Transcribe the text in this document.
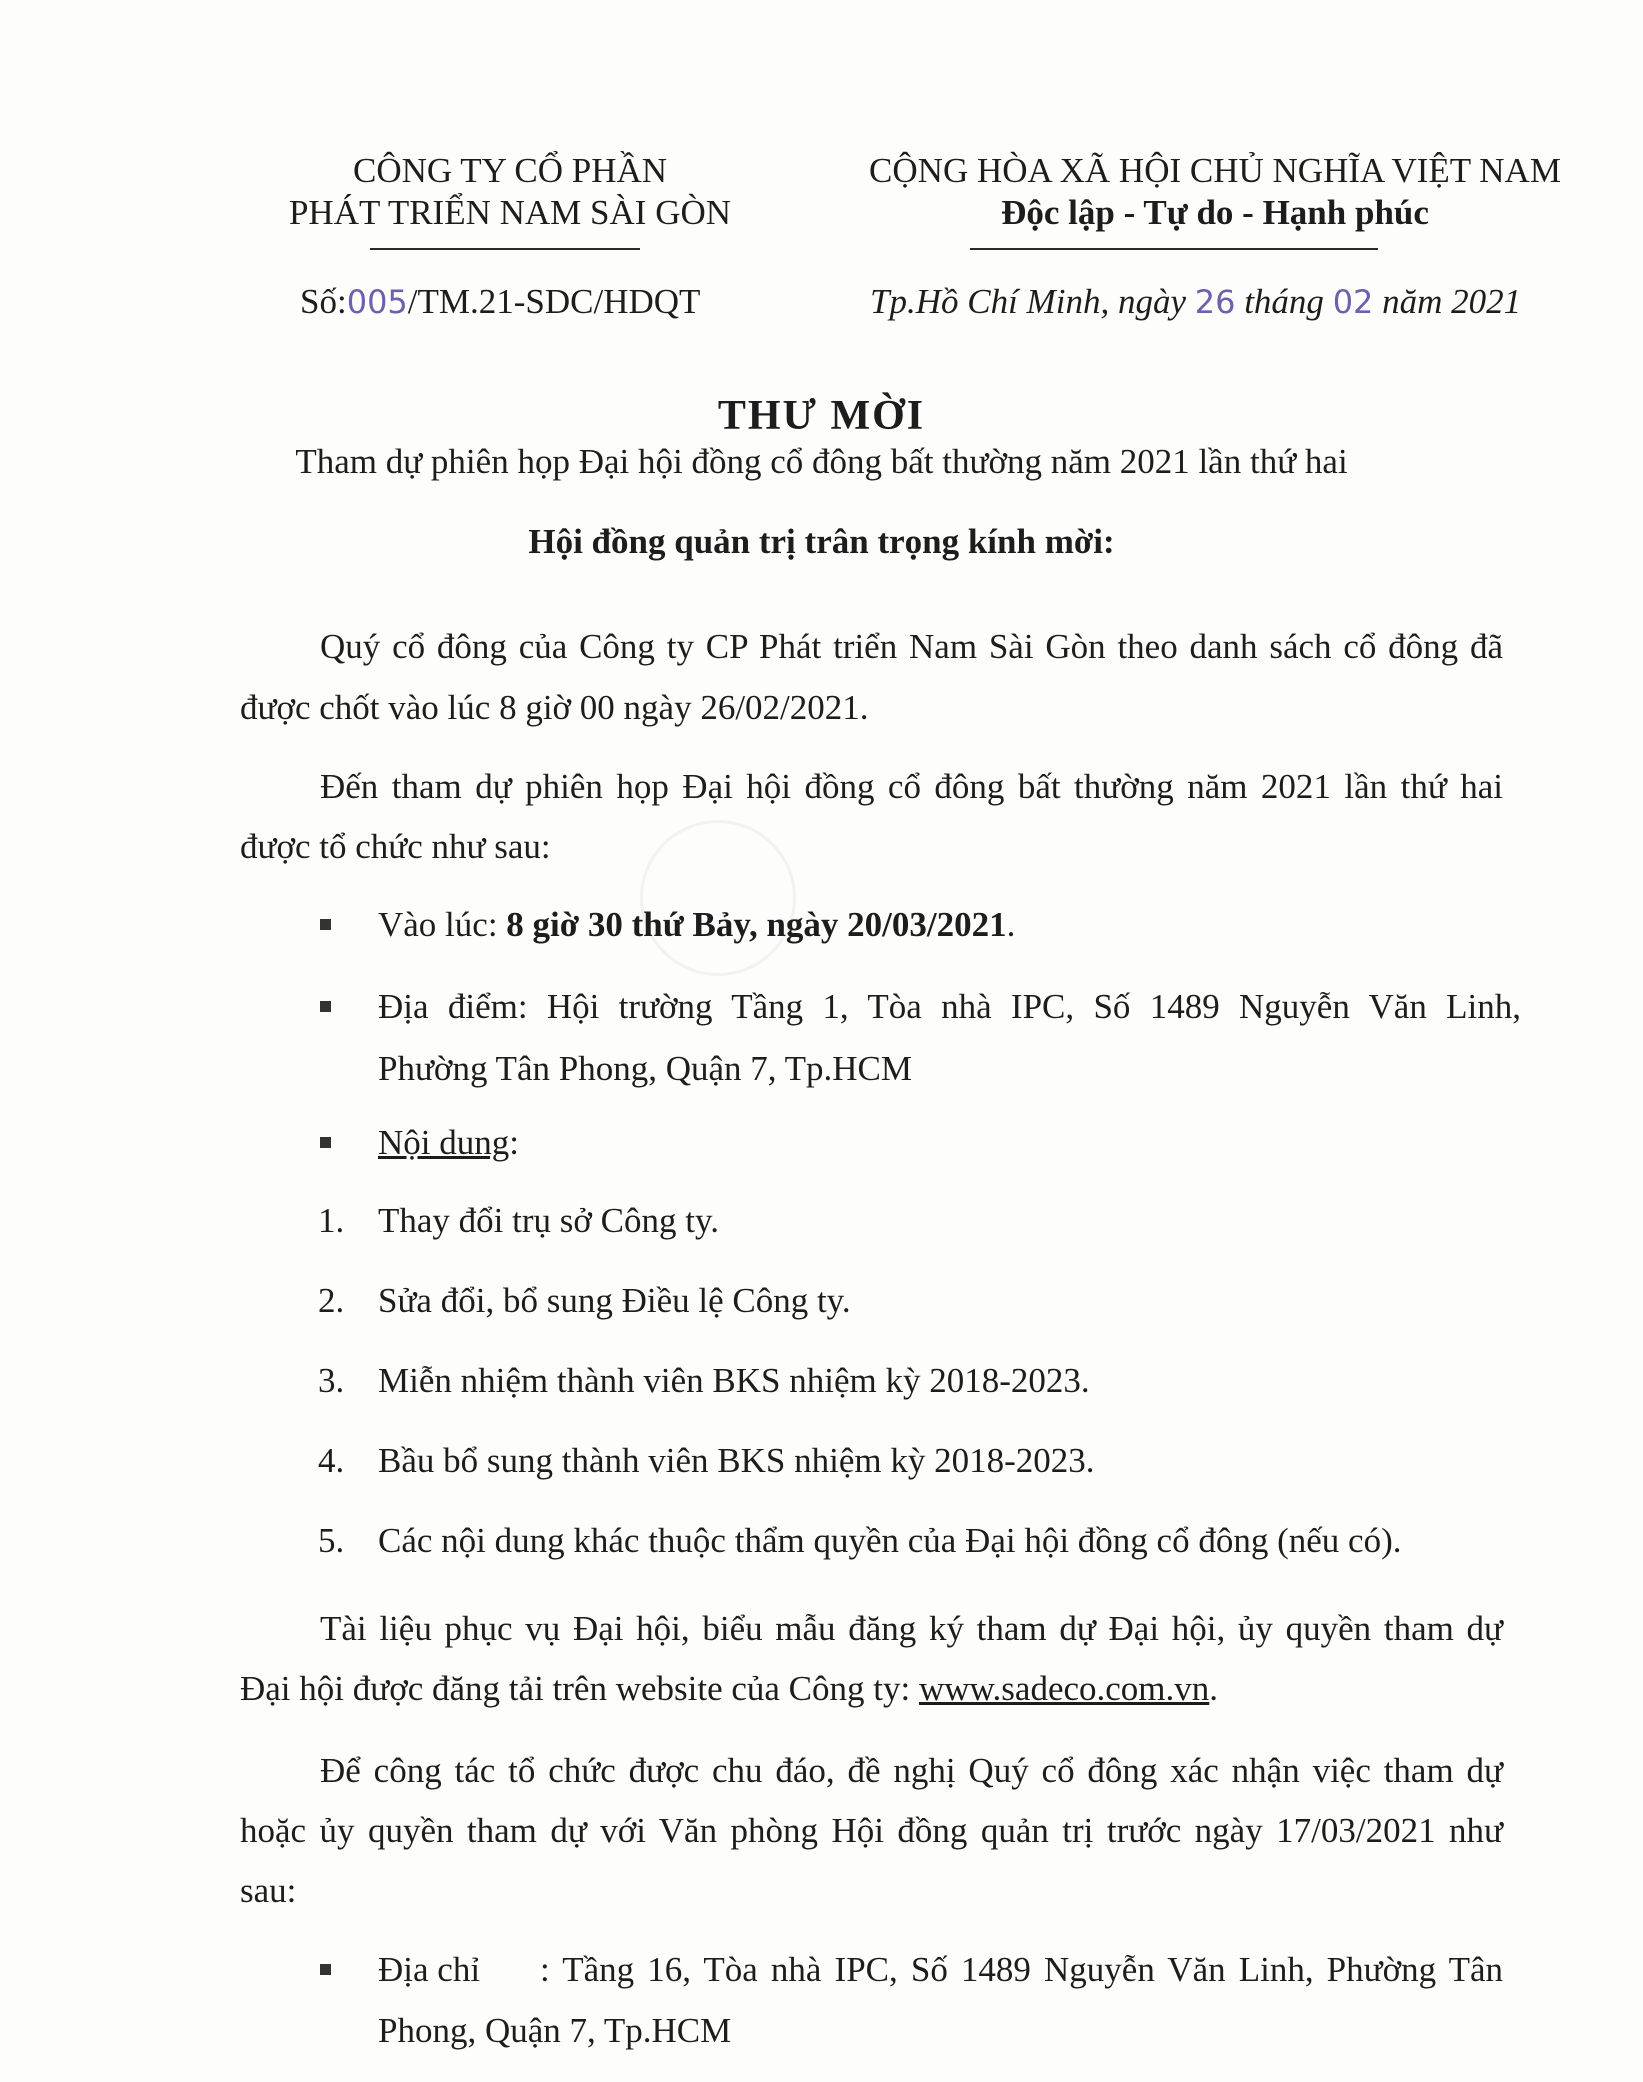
CÔNG TY CỔ PHẦN
PHÁT TRIỂN NAM SÀI GÒN
CỘNG HÒA XÃ HỘI CHỦ NGHĨA VIỆT NAM
Độc lập - Tự do - Hạnh phúc
Số:005/TM.21-SDC/HDQT	Tp.Hồ Chí Minh, ngày 26 tháng 02 năm 2021
THƯ MỜI
Tham dự phiên họp Đại hội đồng cổ đông bất thường năm 2021 lần thứ hai
Hội đồng quản trị trân trọng kính mời:
Quý cổ đông của Công ty CP Phát triển Nam Sài Gòn theo danh sách cổ đông đã
được chốt vào lúc 8 giờ 00 ngày 26/02/2021.
Đến tham dự phiên họp Đại hội đồng cổ đông bất thường năm 2021 lần thứ hai
được tổ chức như sau:
Vào lúc: 8 giờ 30 thứ Bảy, ngày 20/03/2021.
Địa điểm: Hội trường Tầng 1, Tòa nhà IPC, Số 1489 Nguyễn Văn Linh,
Phường Tân Phong, Quận 7, Tp.HCM
Nội dung:
1. Thay đổi trụ sở Công ty.
2. Sửa đổi, bổ sung Điều lệ Công ty.
3. Miễn nhiệm thành viên BKS nhiệm kỳ 2018-2023.
4. Bầu bổ sung thành viên BKS nhiệm kỳ 2018-2023.
5. Các nội dung khác thuộc thẩm quyền của Đại hội đồng cổ đông (nếu có).
Tài liệu phục vụ Đại hội, biểu mẫu đăng ký tham dự Đại hội, ủy quyền tham dự
Đại hội được đăng tải trên website của Công ty: www.sadeco.com.vn.
Để công tác tổ chức được chu đáo, đề nghị Quý cổ đông xác nhận việc tham dự
hoặc ủy quyền tham dự với Văn phòng Hội đồng quản trị trước ngày 17/03/2021 như
sau:
Địa chỉ : Tầng 16, Tòa nhà IPC, Số 1489 Nguyễn Văn Linh, Phường Tân
Phong, Quận 7, Tp.HCM
